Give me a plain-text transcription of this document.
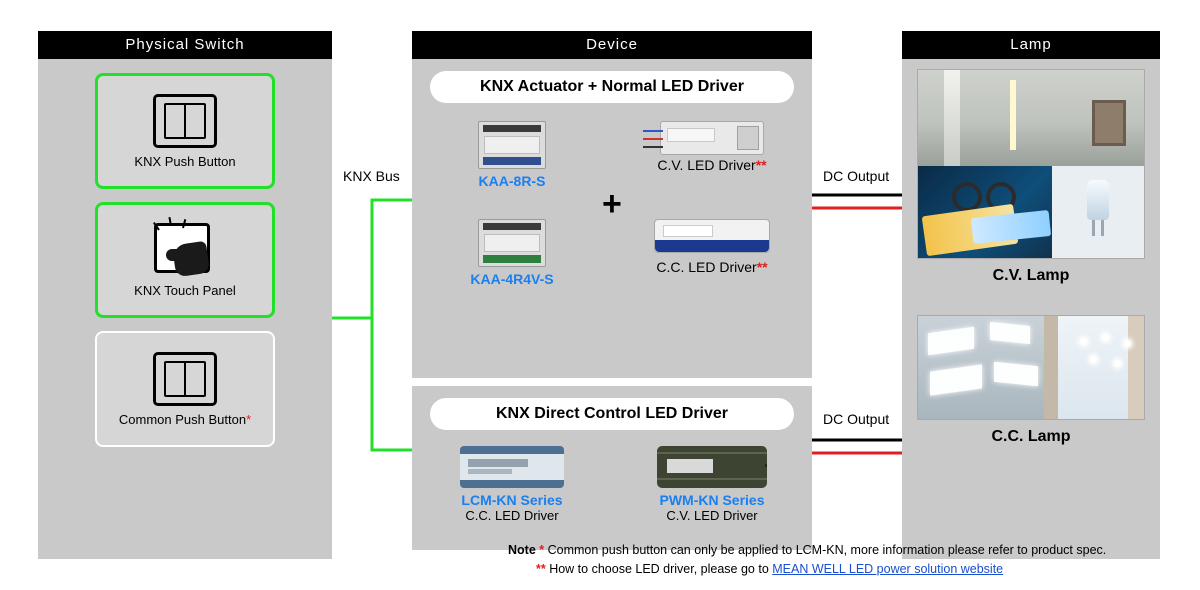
KNX Bus	DC Output
DC Output
Physical Switch
KNX Push Button
KNX Touch Panel
Common Push Button*
Device
KNX Actuator + Normal LED Driver
+
KAA-8R-S
C.V. LED Driver**
KAA-4R4V-S
C.C. LED Driver**
KNX Direct Control LED Driver
LCM-KN Series
C.C. LED Driver
PWM-KN Series
C.V. LED Driver
Lamp
C.V. Lamp
C.C. Lamp
Note * Common push button can only be applied to LCM-KN, more information please refer to product spec.
** How to choose LED driver, please go to MEAN WELL LED power solution website
